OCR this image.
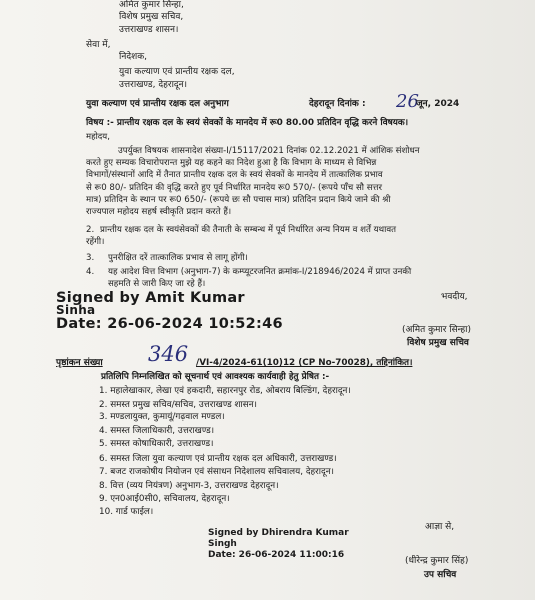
अमित कुमार सिन्हा,
विशेष प्रमुख सचिव,
उत्तराखण्ड शासन।
सेवा में,
निदेशक,
युवा कल्याण एवं प्रान्तीय रक्षक दल,
उत्तराखण्ड, देहरादून।
युवा कल्याण एवं प्रान्तीय रक्षक दल अनुभाग	देहरादून दिनांक : 26
जून, 2024
विषय :- प्रान्तीय रक्षक दल के स्वयं सेवकों के मानदेय में रू0 80.00 प्रतिदिन वृद्धि करने विषयक।
महोदय,
उपर्युक्त विषयक शासनादेश संख्या-I/15117/2021 दिनांक 02.12.2021 में आंशिक संशोधन
करते हुए सम्यक विचारोपरान्त मुझे यह कहने का निदेश हुआ है कि विभाग के माध्यम से विभिन्न
विभागों/संस्थानों आदि में तैनात प्रान्तीय रक्षक दल के स्वयं सेवकों के मानदेय में तात्कालिक प्रभाव
से रू0 80/- प्रतिदिन की वृद्धि करते हुए पूर्व निर्धारित मानदेय रू0 570/- (रूपये पाँच सौ सत्तर
मात्र) प्रतिदिन के स्थान पर रू0 650/- (रूपये छः सौ पचास मात्र) प्रतिदिन प्रदान किये जाने की श्री
राज्यपाल महोदय सहर्ष स्वीकृति प्रदान करते हैं।
2. प्रान्तीय रक्षक दल के स्वयंसेवकों की तैनाती के सम्बन्ध में पूर्व निर्धारित अन्य नियम व शर्तें यथावत
रहेंगी।
3. पुनरीक्षित दरें तात्कालिक प्रभाव से लागू होंगी।
4. यह आदेश वित्त विभाग (अनुभाग-7) के कम्प्यूटरजनित क्रमांक-I/218946/2024 में प्राप्त उनकी
सहमति से जारी किए जा रहे हैं।
Signed by Amit Kumar
Sinha
Date: 26-06-2024 10:52:46
भवदीय,
(अमित कुमार सिन्हा)
विशेष प्रमुख सचिव
पृष्ठांकन संख्या 346 /VI-4/2024-61(10)12 (CP No-70028), तद्दिनांकित।
प्रतिलिपि निम्नलिखित को सूचनार्थ एवं आवश्यक कार्यवाही हेतु प्रेषित :-
1. महालेखाकार, लेखा एवं हकदारी, सहारनपुर रोड, ओबराय बिल्डिंग, देहरादून।
2. समस्त प्रमुख सचिव/सचिव, उत्तराखण्ड शासन।
3. मण्डलायुक्त, कुमायूं/गढ़वाल मण्डल।
4. समस्त जिलाधिकारी, उत्तराखण्ड।
5. समस्त कोषाधिकारी, उत्तराखण्ड।
6. समस्त जिला युवा कल्याण एवं प्रान्तीय रक्षक दल अधिकारी, उत्तराखण्ड।
7. बजट राजकोषीय नियोजन एवं संसाधन निदेशालय सचिवालय, देहरादून।
8. वित्त (व्यय नियंत्रण) अनुभाग-3, उत्तराखण्ड देहरादून।
9. एन0आई0सी0, सचिवालय, देहरादून।
10. गार्ड फाईल।
Signed by Dhirendra Kumar
Singh
Date: 26-06-2024 11:00:16
आज्ञा से,
(धीरेन्द्र कुमार सिंह)
उप सचिव
